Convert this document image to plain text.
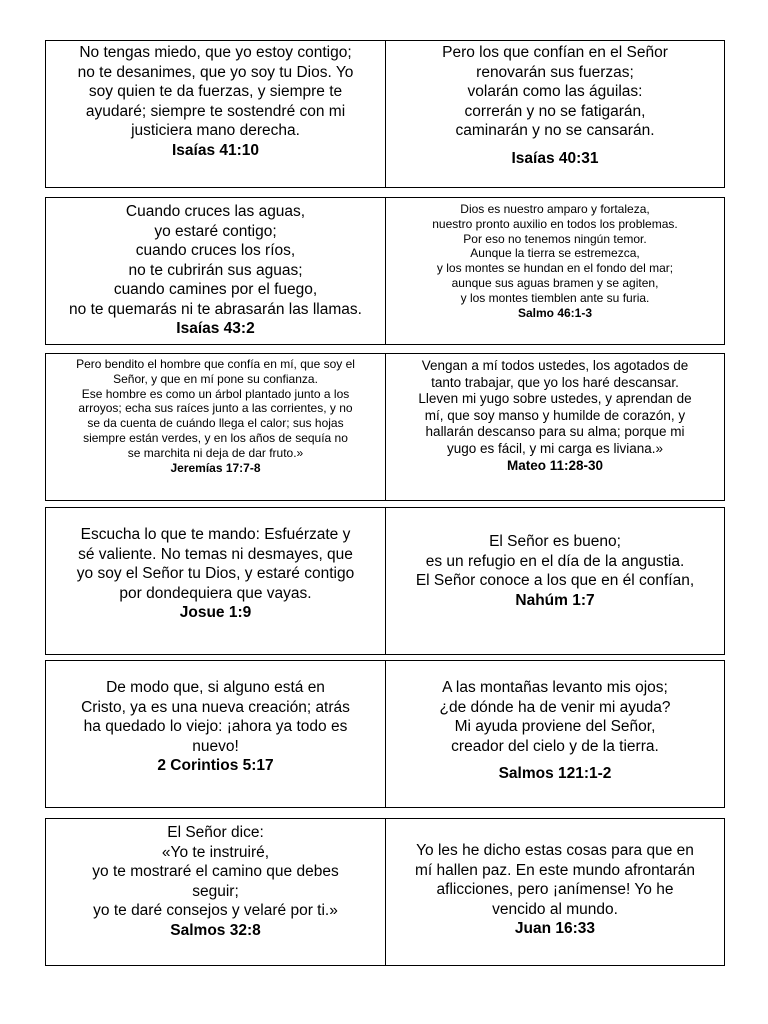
No tengas miedo, que yo estoy contigo;
no te desanimes, que yo soy tu Dios. Yo
soy quien te da fuerzas, y siempre te
ayudaré; siempre te sostendré con mi
justiciera mano derecha.
Isaías 41:10
Pero los que confían en el Señor
renovarán sus fuerzas;
volarán como las águilas:
correrán y no se fatigarán,
caminarán y no se cansarán.
Isaías 40:31
Cuando cruces las aguas,
yo estaré contigo;
cuando cruces los ríos,
no te cubrirán sus aguas;
cuando camines por el fuego,
no te quemarás ni te abrasarán las llamas.
Isaías 43:2
Dios es nuestro amparo y fortaleza,
nuestro pronto auxilio en todos los problemas.
Por eso no tenemos ningún temor.
Aunque la tierra se estremezca,
y los montes se hundan en el fondo del mar;
aunque sus aguas bramen y se agiten,
y los montes tiemblen ante su furia.
Salmo 46:1-3
Pero bendito el hombre que confía en mí, que soy el
Señor, y que en mí pone su confianza.
Ese hombre es como un árbol plantado junto a los
arroyos; echa sus raíces junto a las corrientes, y no
se da cuenta de cuándo llega el calor; sus hojas
siempre están verdes, y en los años de sequía no
se marchita ni deja de dar fruto.»
Jeremías 17:7-8
Vengan a mí todos ustedes, los agotados de
tanto trabajar, que yo los haré descansar.
Lleven mi yugo sobre ustedes, y aprendan de
mí, que soy manso y humilde de corazón, y
hallarán descanso para su alma; porque mi
yugo es fácil, y mi carga es liviana.»
Mateo 11:28-30
Escucha lo que te mando: Esfuérzate y
sé valiente. No temas ni desmayes, que
yo soy el Señor tu Dios, y estaré contigo
por dondequiera que vayas.
Josue 1:9
El Señor es bueno;
es un refugio en el día de la angustia.
El Señor conoce a los que en él confían,
Nahúm 1:7
De modo que, si alguno está en
Cristo, ya es una nueva creación; atrás
ha quedado lo viejo: ¡ahora ya todo es
nuevo!
2 Corintios 5:17
A las montañas levanto mis ojos;
¿de dónde ha de venir mi ayuda?
Mi ayuda proviene del Señor,
creador del cielo y de la tierra.
Salmos 121:1-2
El Señor dice:
«Yo te instruiré,
yo te mostraré el camino que debes
seguir;
yo te daré consejos y velaré por ti.»
Salmos 32:8
Yo les he dicho estas cosas para que en
mí hallen paz. En este mundo afrontarán
aflicciones, pero ¡anímense! Yo he
vencido al mundo.
Juan 16:33
